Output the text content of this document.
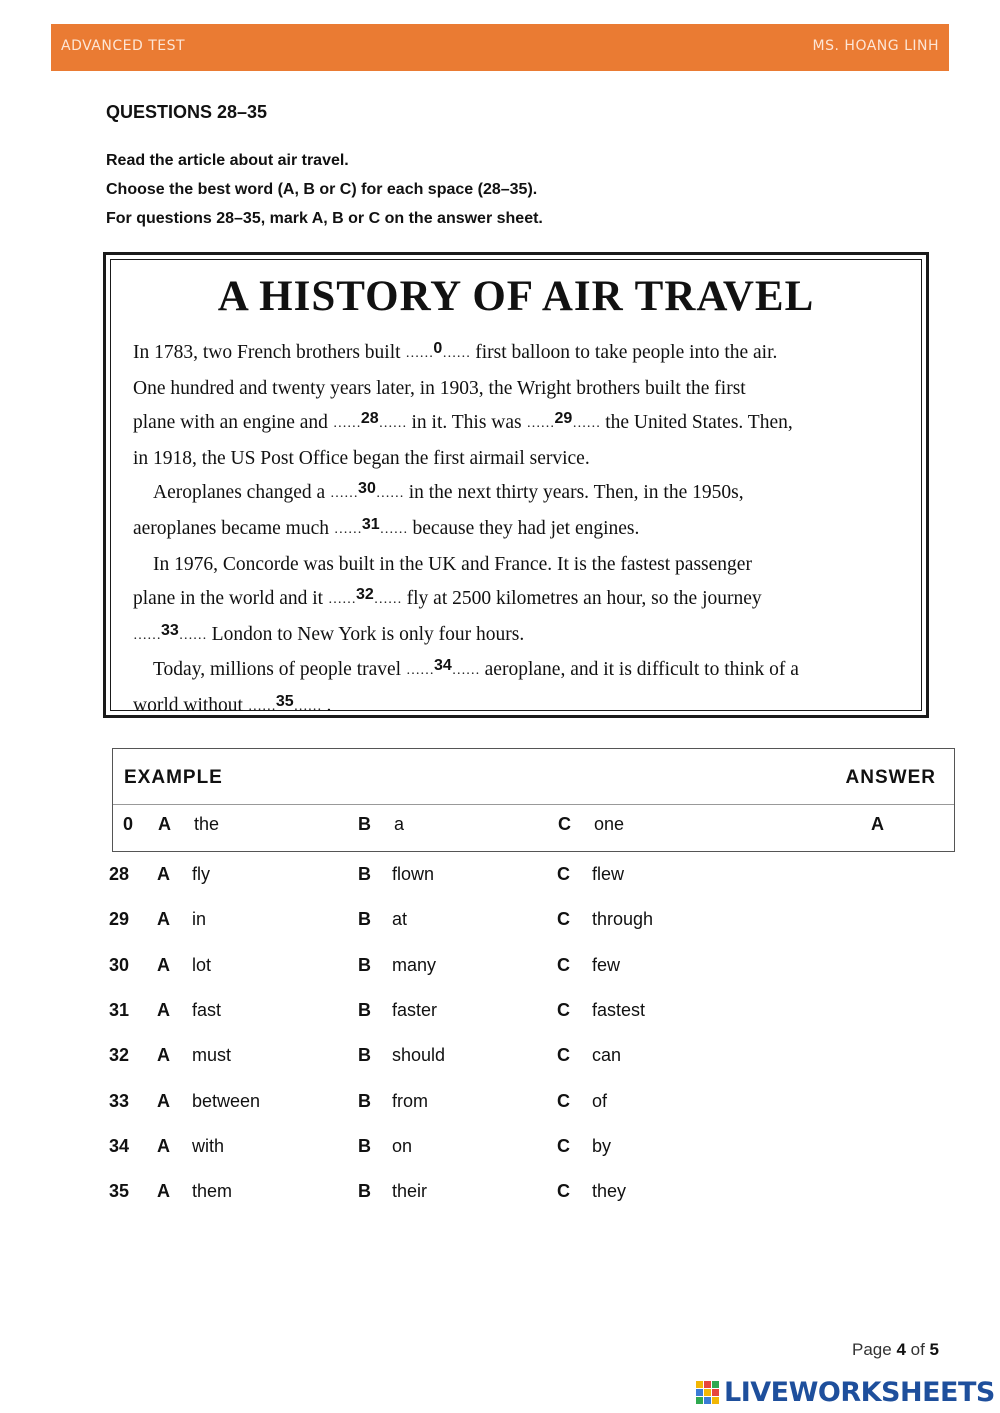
ADVANCED TEST	MS. HOANG LINH
QUESTIONS 28–35
Read the article about air travel.
Choose the best word (A, B or C) for each space (28–35).
For questions 28–35, mark A, B or C on the answer sheet.
A HISTORY OF AIR TRAVEL
In 1783, two French brothers built ……0…… first balloon to take people into the air.
One hundred and twenty years later, in 1903, the Wright brothers built the first
plane with an engine and ……28…… in it. This was ……29…… the United States. Then,
in 1918, the US Post Office began the first airmail service.
Aeroplanes changed a ……30…… in the next thirty years. Then, in the 1950s,
aeroplanes became much ……31…… because they had jet engines.
In 1976, Concorde was built in the UK and France. It is the fastest passenger
plane in the world and it ……32…… fly at 2500 kilometres an hour, so the journey
……33…… London to New York is only four hours.
Today, millions of people travel ……34…… aeroplane, and it is difficult to think of a
world without ……35…… .
EXAMPLE	ANSWER
0 A the	B a	C one	A
28 A fly	B flown	C flew
29 A in	B at	C through
30 A lot	B many	C few
31 A fast	B faster	C fastest
32 A must	B should	C can
33 A between	B from	C of
34 A with	B on	C by
35 A them	B their	C they
Page 4 of 5
LIVEWORKSHEETS
